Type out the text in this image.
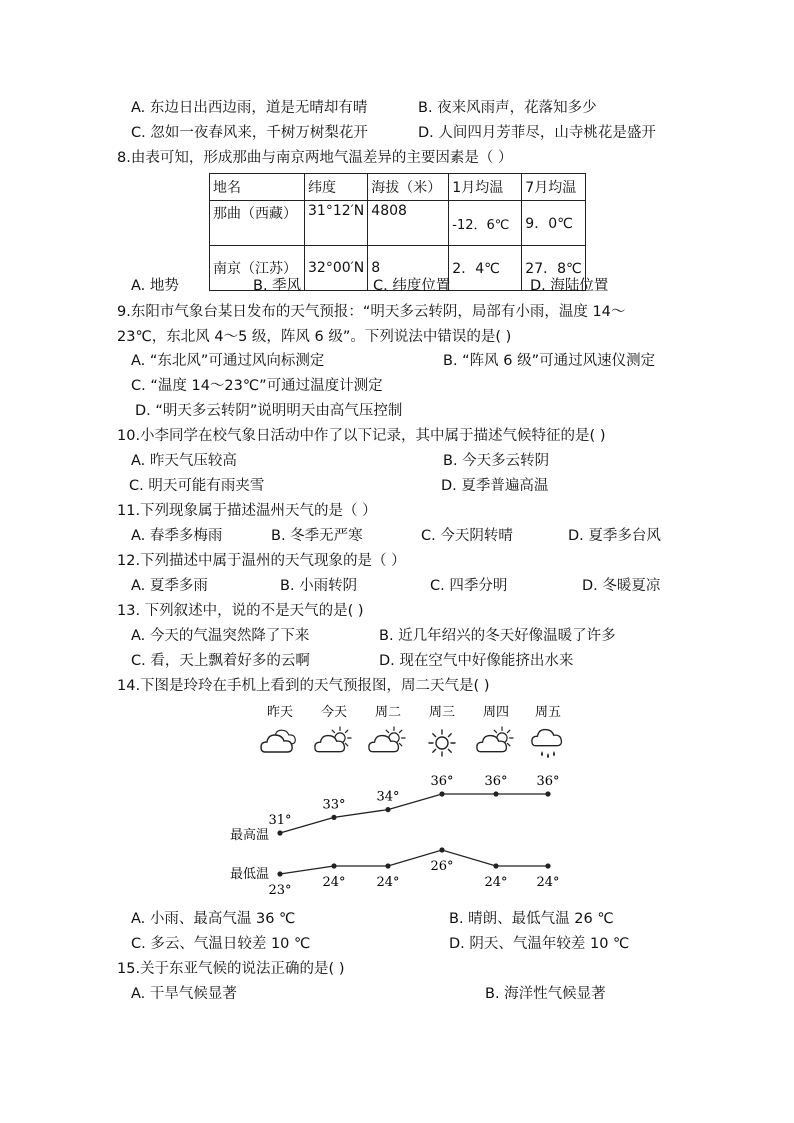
A. 东边日出西边雨，道是无晴却有晴	B. 夜来风雨声，花落知多少
C. 忽如一夜春风来，千树万树梨花开	D. 人间四月芳菲尽，山寺桃花是盛开
8.由表可知，形成那曲与南京两地气温差异的主要因素是（ ）
地名	纬度	海拔（米）	1月均温	7月均温
那曲（西藏）	31°12′N	4808	-12．6℃	9．0℃
南京（江苏）	32°00′N	8	2．4℃	27．8℃
A. 地势	B. 季风	C. 纬度位置	D. 海陆位置
9.东阳市气象台某日发布的天气预报：“明天多云转阴，局部有小雨，温度 14～
23℃，东北风 4～5 级，阵风 6 级”。下列说法中错误的是( )
A. “东北风”可通过风向标测定	B. “阵风 6 级”可通过风速仪测定
C. “温度 14～23℃”可通过温度计测定
D. “明天多云转阴”说明明天由高气压控制
10.小李同学在校气象日活动中作了以下记录，其中属于描述气候特征的是( )
A. 昨天气压较高	B. 今天多云转阴
C. 明天可能有雨夹雪	D. 夏季普遍高温
11.下列现象属于描述温州天气的是（ ）
A. 春季多梅雨	B. 冬季无严寒	C. 今天阴转晴	D. 夏季多台风
12.下列描述中属于温州的天气现象的是（ ）
A. 夏季多雨	B. 小雨转阴	C. 四季分明	D. 冬暖夏凉
13. 下列叙述中，说的不是天气的是( )
A. 今天的气温突然降了下来	B. 近几年绍兴的冬天好像温暖了许多
C. 看，天上飘着好多的云啊	D. 现在空气中好像能挤出水来
14.下图是玲玲在手机上看到的天气预报图，周二天气是( )
最高温
最低温
昨天 今天 周二 周三 周四 周五
31°
33°
34°
36° 36° 36°
23°
24° 24°
26°
24° 24°
A. 小雨、最高气温 36 ℃	B. 晴朗、最低气温 26 ℃
C. 多云、气温日较差 10 ℃	D. 阴天、气温年较差 10 ℃
15.关于东亚气候的说法正确的是( )
A. 干旱气候显著	B. 海洋性气候显著
